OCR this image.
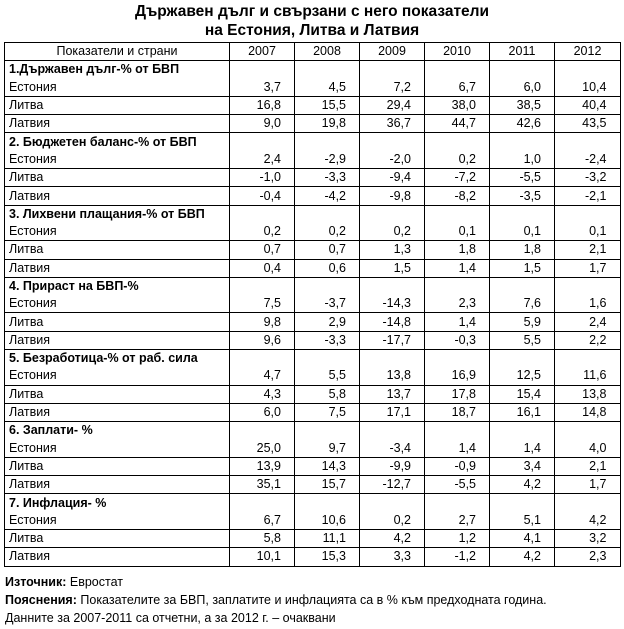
Държавен дълг и свързани с него показатели
на Естония, Литва и Латвия
Показатели и страни	2007	2008	2009	2010	2011	2012
1.Държавен дълг-% от БВП						
Естония	3,7	4,5	7,2	6,7	6,0	10,4
Литва	16,8	15,5	29,4	38,0	38,5	40,4
Латвия	9,0	19,8	36,7	44,7	42,6	43,5
2. Бюджетен баланс-% от БВП						
Естония	2,4	-2,9	-2,0	0,2	1,0	-2,4
Литва	-1,0	-3,3	-9,4	-7,2	-5,5	-3,2
Латвия	-0,4	-4,2	-9,8	-8,2	-3,5	-2,1
3. Лихвени плащания-% от БВП						
Естония	0,2	0,2	0,2	0,1	0,1	0,1
Литва	0,7	0,7	1,3	1,8	1,8	2,1
Латвия	0,4	0,6	1,5	1,4	1,5	1,7
4. Прираст на БВП-%						
Естония	7,5	-3,7	-14,3	2,3	7,6	1,6
Литва	9,8	2,9	-14,8	1,4	5,9	2,4
Латвия	9,6	-3,3	-17,7	-0,3	5,5	2,2
5. Безработица-% от раб. сила						
Естония	4,7	5,5	13,8	16,9	12,5	11,6
Литва	4,3	5,8	13,7	17,8	15,4	13,8
Латвия	6,0	7,5	17,1	18,7	16,1	14,8
6. Заплати- %						
Естония	25,0	9,7	-3,4	1,4	1,4	4,0
Литва	13,9	14,3	-9,9	-0,9	3,4	2,1
Латвия	35,1	15,7	-12,7	-5,5	4,2	1,7
7. Инфлация- %						
Естония	6,7	10,6	0,2	2,7	5,1	4,2
Литва	5,8	11,1	4,2	1,2	4,1	3,2
Латвия	10,1	15,3	3,3	-1,2	4,2	2,3
Източник: Евростат
Пояснения: Показателите за БВП, заплатите и инфлацията са в % към предходната година.
Данните за 2007-2011 са отчетни, а за 2012 г. – очаквани
